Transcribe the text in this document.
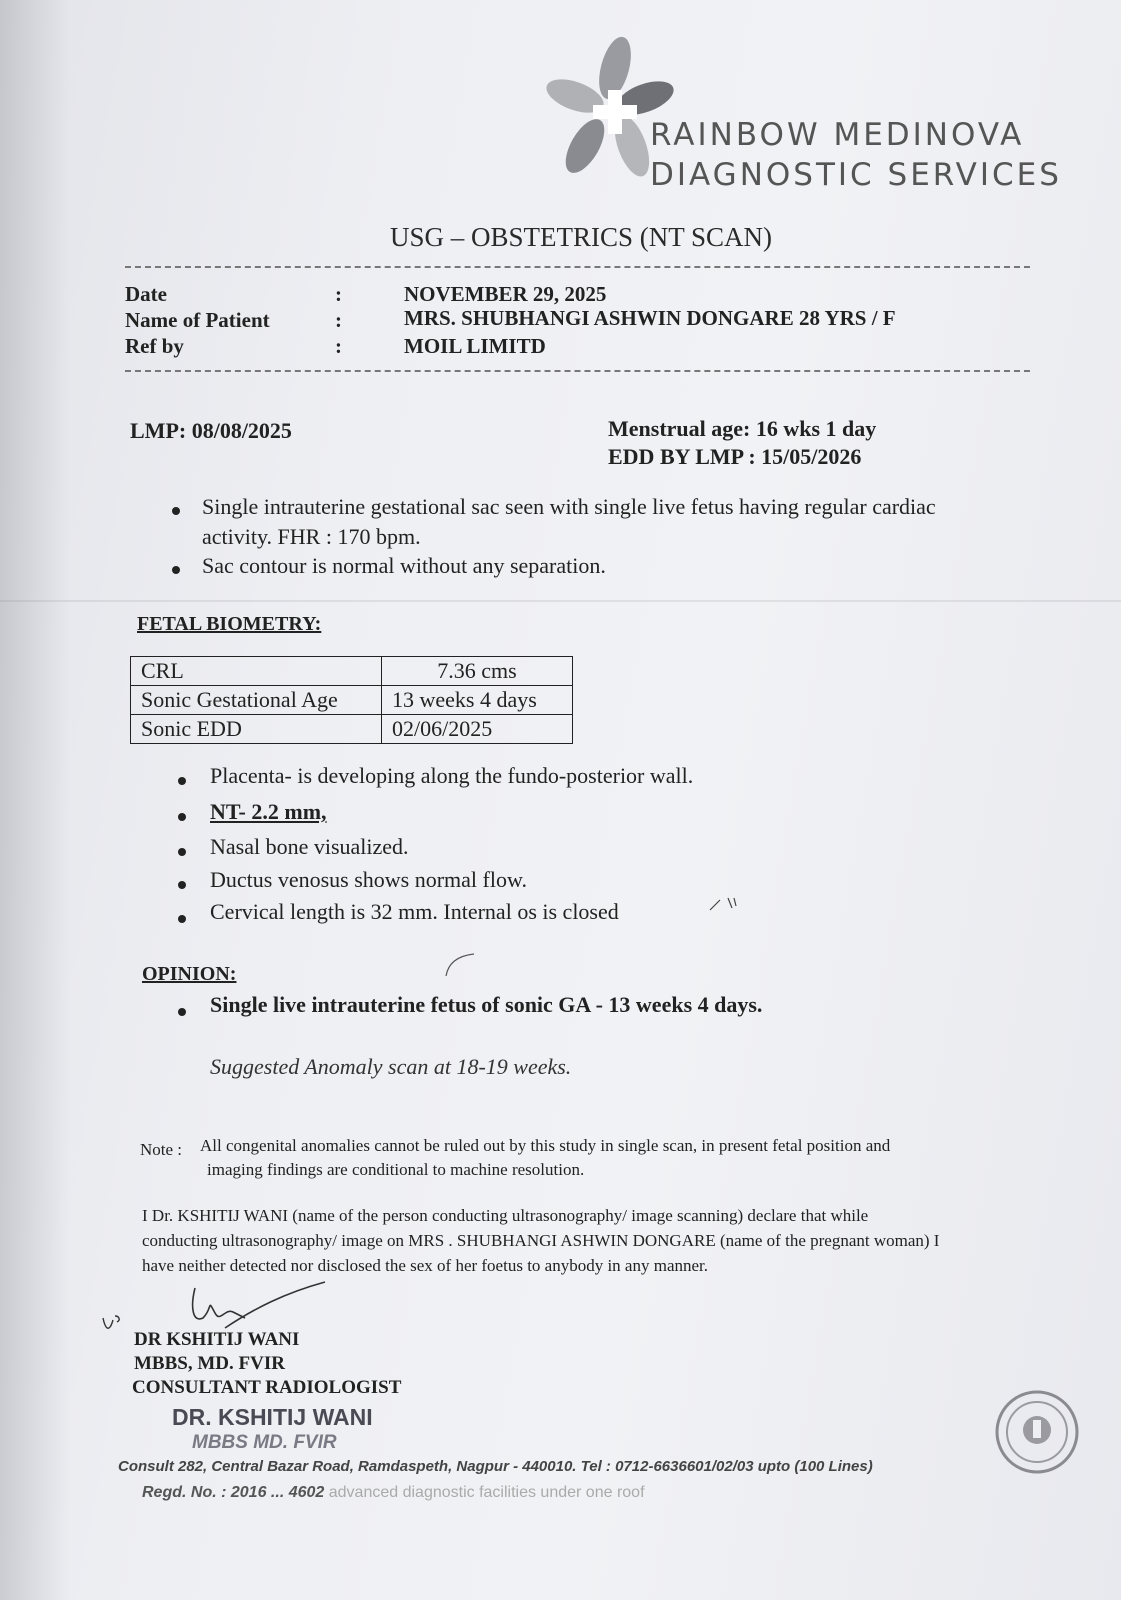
RAINBOW MEDINOVA
DIAGNOSTIC SERVICES
USG – OBSTETRICS (NT SCAN)
Date	:	NOVEMBER 29, 2025
Name of Patient	:	MRS. SHUBHANGI ASHWIN DONGARE 28 YRS / F
Ref by	:	MOIL LIMITD
LMP: 08/08/2025	Menstrual age: 16 wks 1 day
EDD BY LMP : 15/05/2026
Single intrauterine gestational sac seen with single live fetus having regular cardiac
activity. FHR : 170 bpm.
Sac contour is normal without any separation.
FETAL BIOMETRY:
CRL	7.36 cms
Sonic Gestational Age	13 weeks 4 days
Sonic EDD	02/06/2025
Placenta- is developing along the fundo-posterior wall.
NT- 2.2 mm,
Nasal bone visualized.
Ductus venosus shows normal flow.
Cervical length is 32 mm. Internal os is closed
OPINION:
Single live intrauterine fetus of sonic GA - 13 weeks 4 days.
Suggested Anomaly scan at 18-19 weeks.
Note : All congenital anomalies cannot be ruled out by this study in single scan, in present fetal position and
imaging findings are conditional to machine resolution.
I Dr. KSHITIJ WANI (name of the person conducting ultrasonography/ image scanning) declare that while
conducting ultrasonography/ image on MRS . SHUBHANGI ASHWIN DONGARE (name of the pregnant woman) I
have neither detected nor disclosed the sex of her foetus to anybody in any manner.
DR KSHITIJ WANI
MBBS, MD. FVIR
CONSULTANT RADIOLOGIST
DR. KSHITIJ WANI
MBBS MD. FVIR
Consult 282, Central Bazar Road, Ramdaspeth, Nagpur - 440010. Tel : 0712-6636601/02/03 upto (100 Lines)
Regd. No. : 2016 ... 4602 advanced diagnostic facilities under one roof
